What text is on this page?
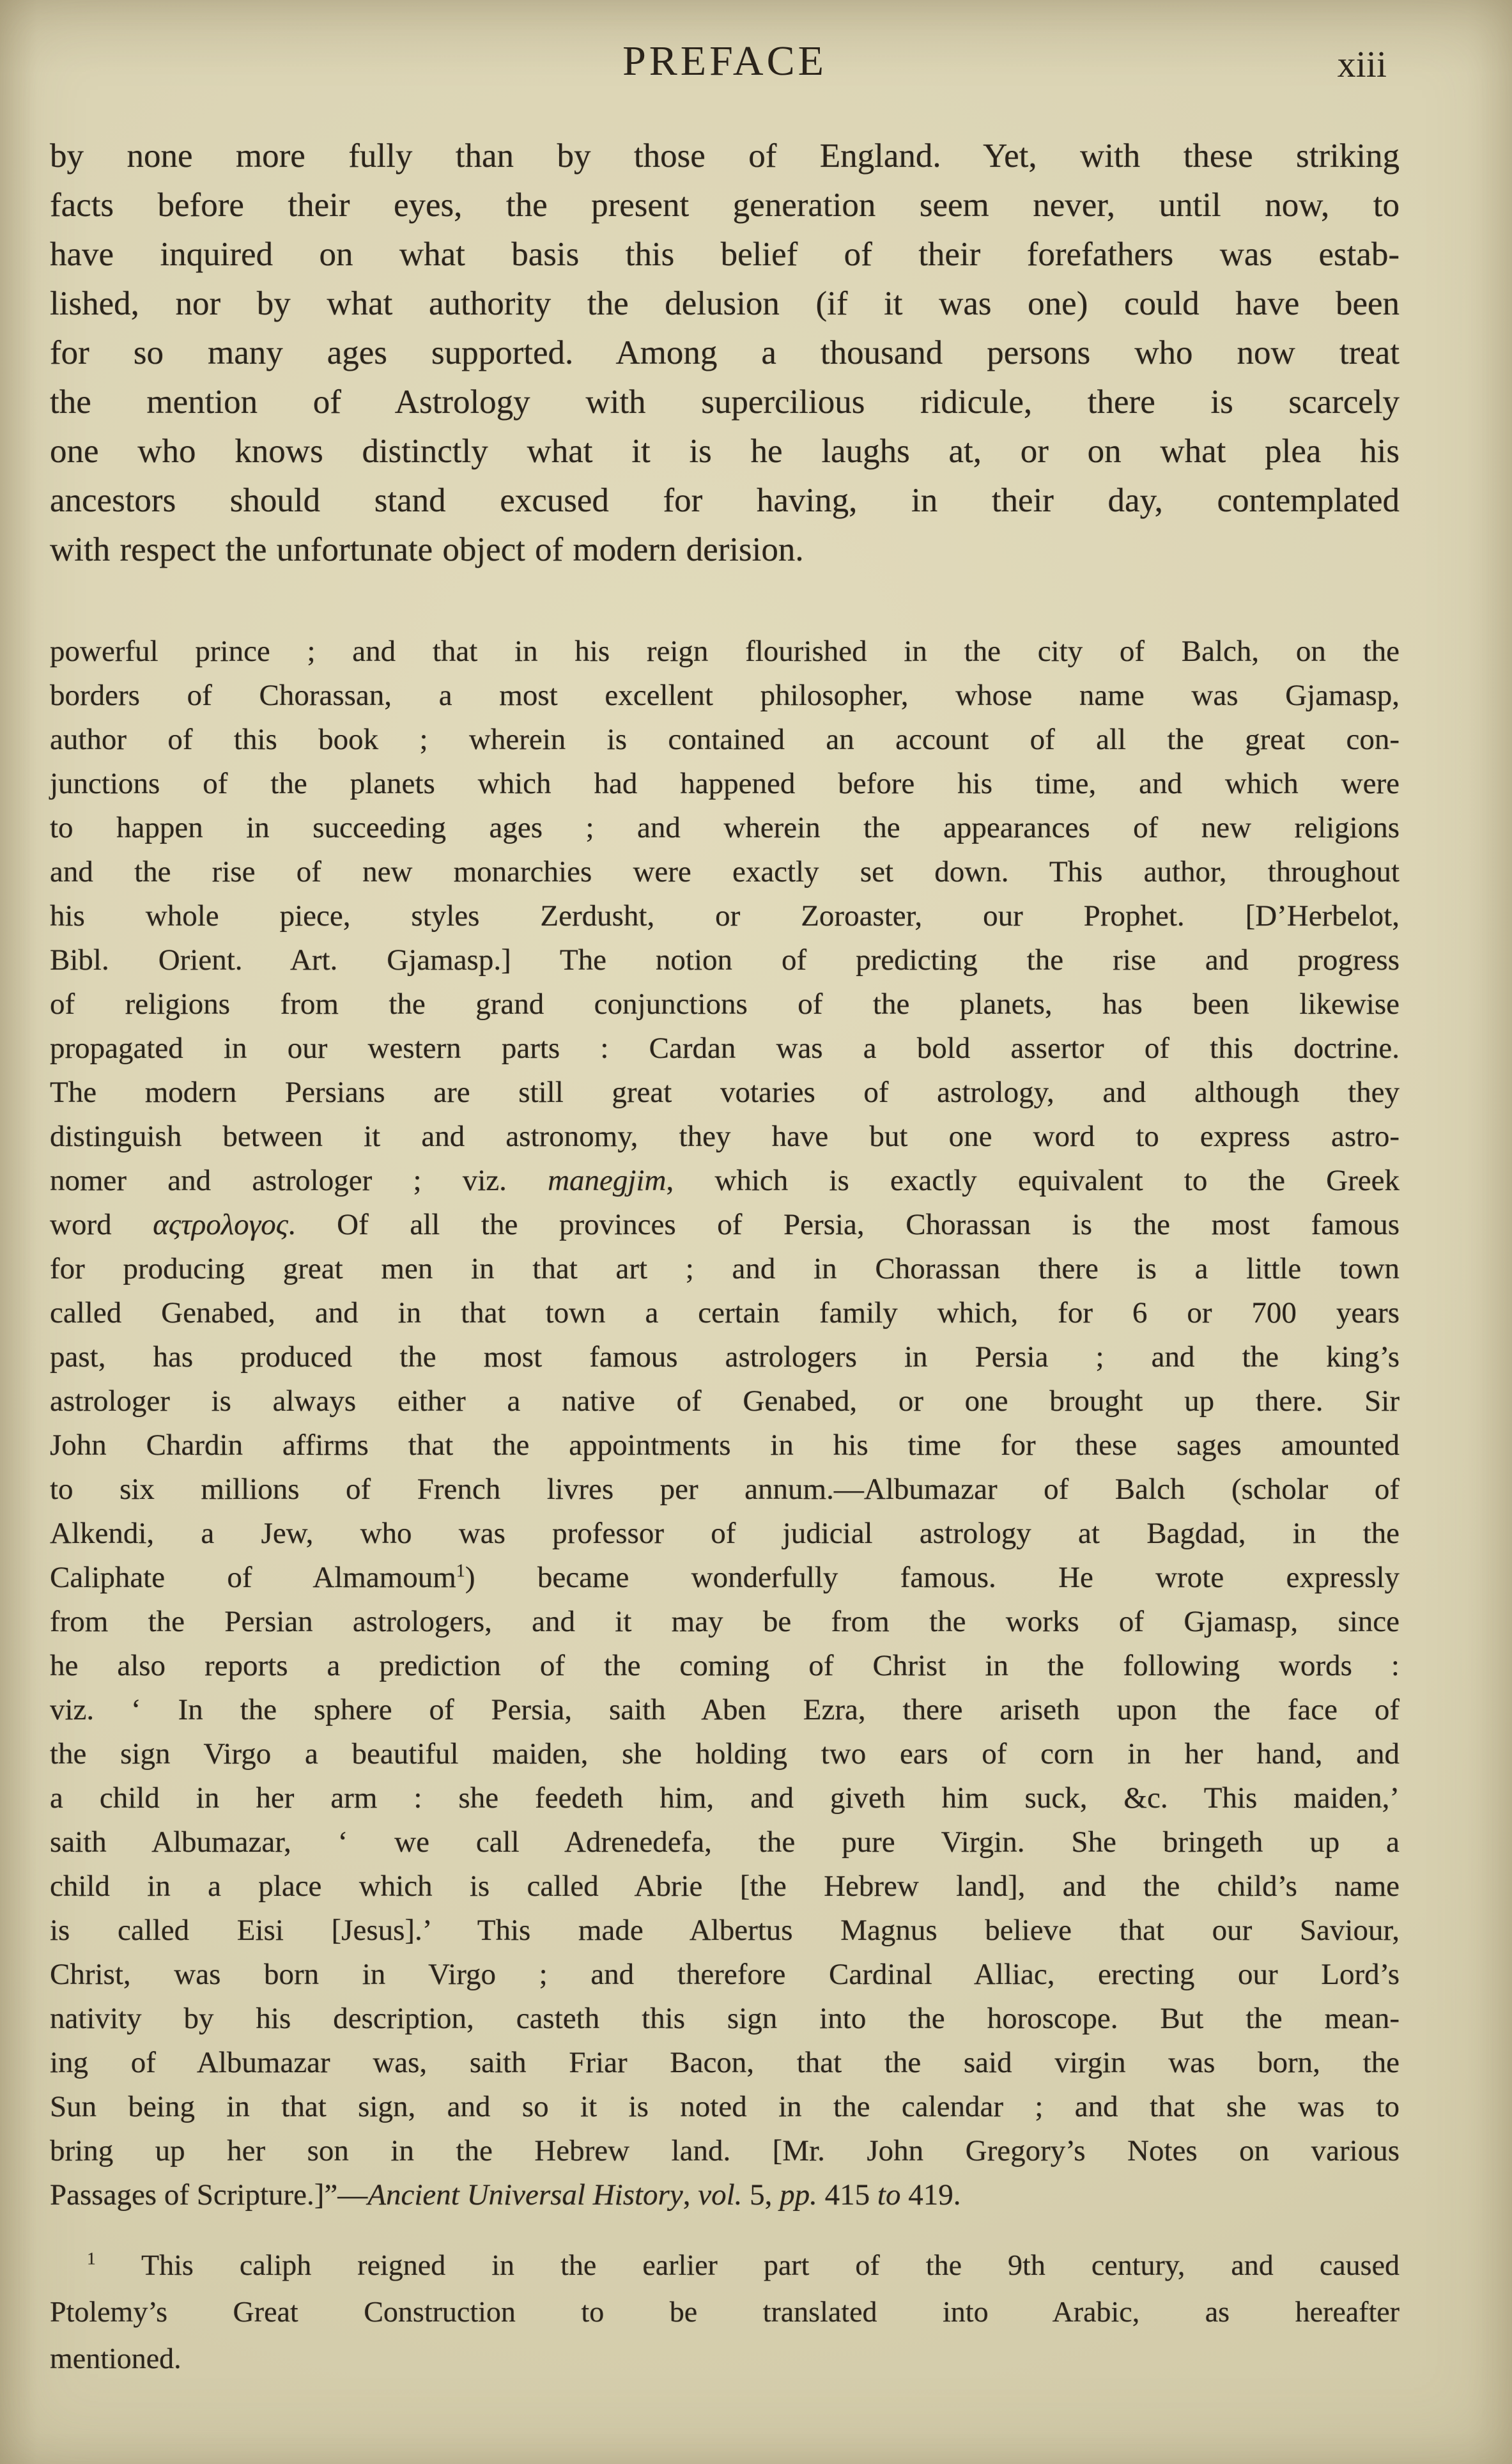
PREFACE	xiii
by none more fully than by those of England. Yet, with these striking
facts before their eyes, the present generation seem never, until now, to
have inquired on what basis this belief of their forefathers was estab-
lished, nor by what authority the delusion (if it was one) could have been
for so many ages supported. Among a thousand persons who now treat
the mention of Astrology with supercilious ridicule, there is scarcely
one who knows distinctly what it is he laughs at, or on what plea his
ancestors should stand excused for having, in their day, contemplated
with respect the unfortunate object of modern derision.
powerful prince ; and that in his reign flourished in the city of Balch, on the
borders of Chorassan, a most excellent philosopher, whose name was Gjamasp,
author of this book ; wherein is contained an account of all the great con-
junctions of the planets which had happened before his time, and which were
to happen in succeeding ages ; and wherein the appearances of new religions
and the rise of new monarchies were exactly set down. This author, throughout
his whole piece, styles Zerdusht, or Zoroaster, our Prophet. [D’Herbelot,
Bibl. Orient. Art. Gjamasp.] The notion of predicting the rise and progress
of religions from the grand conjunctions of the planets, has been likewise
propagated in our western parts : Cardan was a bold assertor of this doctrine.
The modern Persians are still great votaries of astrology, and although they
distinguish between it and astronomy, they have but one word to express astro-
nomer and astrologer ; viz. manegjim, which is exactly equivalent to the Greek
word αςτρολογος. Of all the provinces of Persia, Chorassan is the most famous
for producing great men in that art ; and in Chorassan there is a little town
called Genabed, and in that town a certain family which, for 6 or 700 years
past, has produced the most famous astrologers in Persia ; and the king’s
astrologer is always either a native of Genabed, or one brought up there. Sir
John Chardin affirms that the appointments in his time for these sages amounted
to six millions of French livres per annum.—Albumazar of Balch (scholar of
Alkendi, a Jew, who was professor of judicial astrology at Bagdad, in the
Caliphate of Almamoum$^1$) became wonderfully famous. He wrote expressly
from the Persian astrologers, and it may be from the works of Gjamasp, since
he also reports a prediction of the coming of Christ in the following words :
viz. ‘ In the sphere of Persia, saith Aben Ezra, there ariseth upon the face of
the sign Virgo a beautiful maiden, she holding two ears of corn in her hand, and
a child in her arm : she feedeth him, and giveth him suck, &c. This maiden,’
saith Albumazar, ‘ we call Adrenedefa, the pure Virgin. She bringeth up a
child in a place which is called Abrie [the Hebrew land], and the child’s name
is called Eisi [Jesus].’ This made Albertus Magnus believe that our Saviour,
Christ, was born in Virgo ; and therefore Cardinal Alliac, erecting our Lord’s
nativity by his description, casteth this sign into the horoscope. But the mean-
ing of Albumazar was, saith Friar Bacon, that the said virgin was born, the
Sun being in that sign, and so it is noted in the calendar ; and that she was to
bring up her son in the Hebrew land. [Mr. John Gregory’s Notes on various
Passages of Scripture.]”—Ancient Universal History, vol. 5, pp. 415 to 419.
$^1$ This caliph reigned in the earlier part of the 9th century, and caused
Ptolemy’s Great Construction to be translated into Arabic, as hereafter
mentioned.
